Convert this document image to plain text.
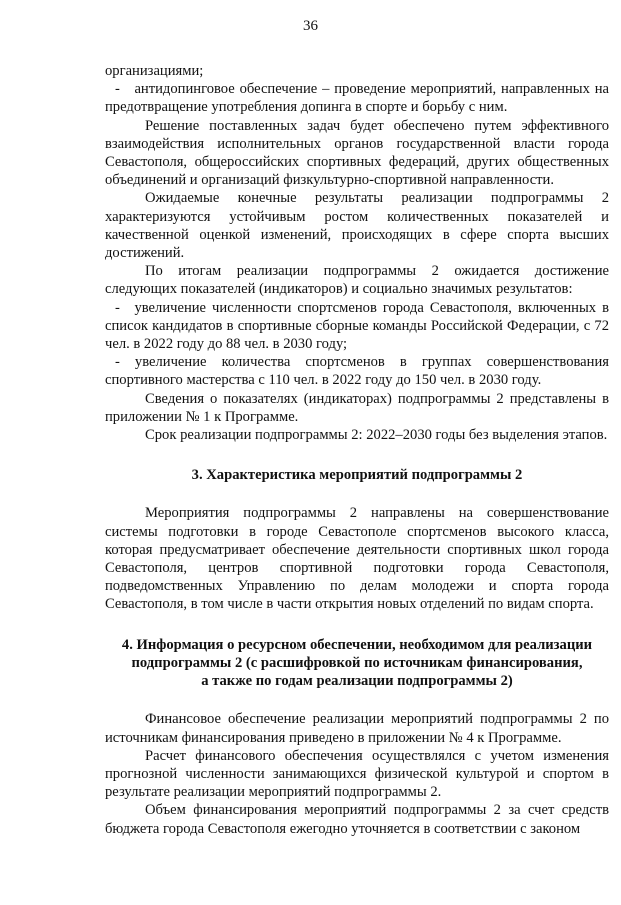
36

организациями;

- антидопинговое обеспечение – проведение мероприятий, направленных на предотвращение употребления допинга в спорте и борьбу с ним.

Решение поставленных задач будет обеспечено путем эффективного взаимодействия исполнительных органов государственной власти города Севастополя, общероссийских спортивных федераций, других общественных объединений и организаций физкультурно-спортивной направленности.

Ожидаемые конечные результаты реализации подпрограммы 2 характеризуются устойчивым ростом количественных показателей и качественной оценкой изменений, происходящих в сфере спорта высших достижений.

По итогам реализации подпрограммы 2 ожидается достижение следующих показателей (индикаторов) и социально значимых результатов:

- увеличение численности спортсменов города Севастополя, включенных в список кандидатов в спортивные сборные команды Российской Федерации, с 72 чел. в 2022 году до 88 чел. в 2030 году;

- увеличение количества спортсменов в группах совершенствования спортивного мастерства с 110 чел. в 2022 году до 150 чел. в 2030 году.

Сведения о показателях (индикаторах) подпрограммы 2 представлены в приложении № 1 к Программе.

Срок реализации подпрограммы 2: 2022–2030 годы без выделения этапов.

3. Характеристика мероприятий подпрограммы 2

Мероприятия подпрограммы 2 направлены на совершенствование системы подготовки в городе Севастополе спортсменов высокого класса, которая предусматривает обеспечение деятельности спортивных школ города Севастополя, центров спортивной подготовки города Севастополя, подведомственных Управлению по делам молодежи и спорта города Севастополя, в том числе в части открытия новых отделений по видам спорта.

4. Информация о ресурсном обеспечении, необходимом для реализации
подпрограммы 2 (с расшифровкой по источникам финансирования,
а также по годам реализации подпрограммы 2)

Финансовое обеспечение реализации мероприятий подпрограммы 2 по источникам финансирования приведено в приложении № 4 к Программе.

Расчет финансового обеспечения осуществлялся с учетом изменения прогнозной численности занимающихся физической культурой и спортом в результате реализации мероприятий подпрограммы 2.

Объем финансирования мероприятий подпрограммы 2 за счет средств бюджета города Севастополя ежегодно уточняется в соответствии с законом
